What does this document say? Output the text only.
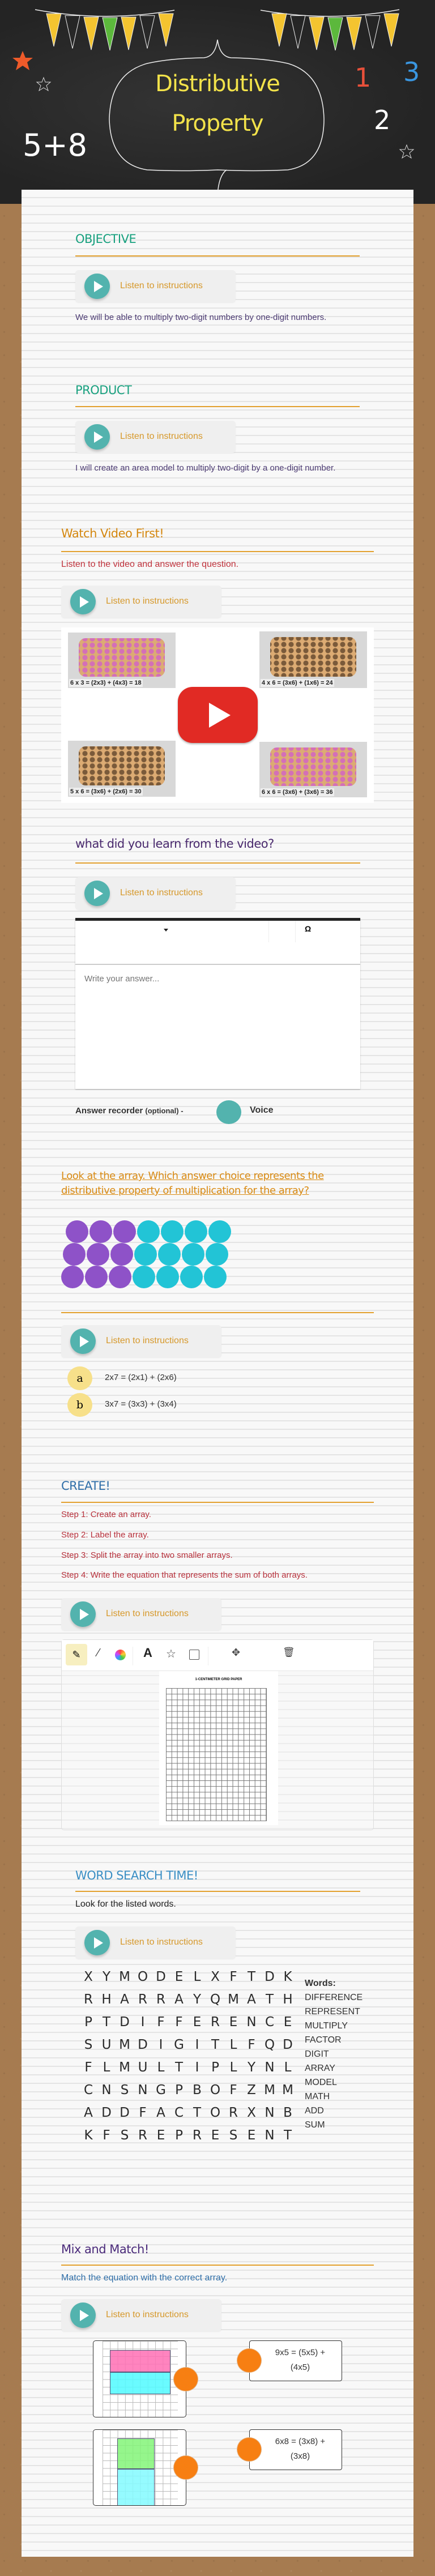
Distributive
Property
5+8
1
2
3
OBJECTIVE
Listen to instructions
We will be able to multiply two-digit numbers by one-digit numbers.
PRODUCT
Listen to instructions
I will create an area model to multiply two-digit by a one-digit number.
Watch Video First!
Listen to the video and answer the question.
Listen to instructions
6 x 3 = (2x3) + (4x3) = 18	4 x 6 = (3x6) + (1x6) = 24
5 x 6 = (3x6) + (2x6) = 30	6 x 6 = (3x6) + (3x6) = 36
what did you learn from the video?
Listen to instructions
Ω
Write your answer...
Answer recorder (optional) -	Voice
Look at the array. Which answer choice represents the distributive property of multiplication for the array?
Listen to instructions
a	2x7 = (2x1) + (2x6)
b	3x7 = (3x3) + (3x4)
CREATE!
Step 1: Create an array.
Step 2: Label the array.
Step 3: Split the array into two smaller arrays.
Step 4: Write the equation that represents the sum of both arrays.
Listen to instructions
✎	⁄	A ☆	✥	🗑
1-CENTIMETER GRID PAPER
WORD SEARCH TIME!
Look for the listed words.
Listen to instructions
X Y M O D E L X F T D K
R H A R R A Y Q M A T H
P T D I F F E R E N C E
S U M D I G I T L F Q D
F L M U L T I P L Y N L
C N S N G P B O F Z M M
A D D F A C T O R X N B
K F S R E P R E S E N T
Words:
DIFFERENCE
REPRESENT
MULTIPLY
FACTOR
DIGIT
ARRAY
MODEL
MATH
ADD
SUM
Mix and Match!
Match the equation with the correct array.
Listen to instructions
9x5 = (5x5) + (4x5)
6x8 = (3x8) + (3x8)
